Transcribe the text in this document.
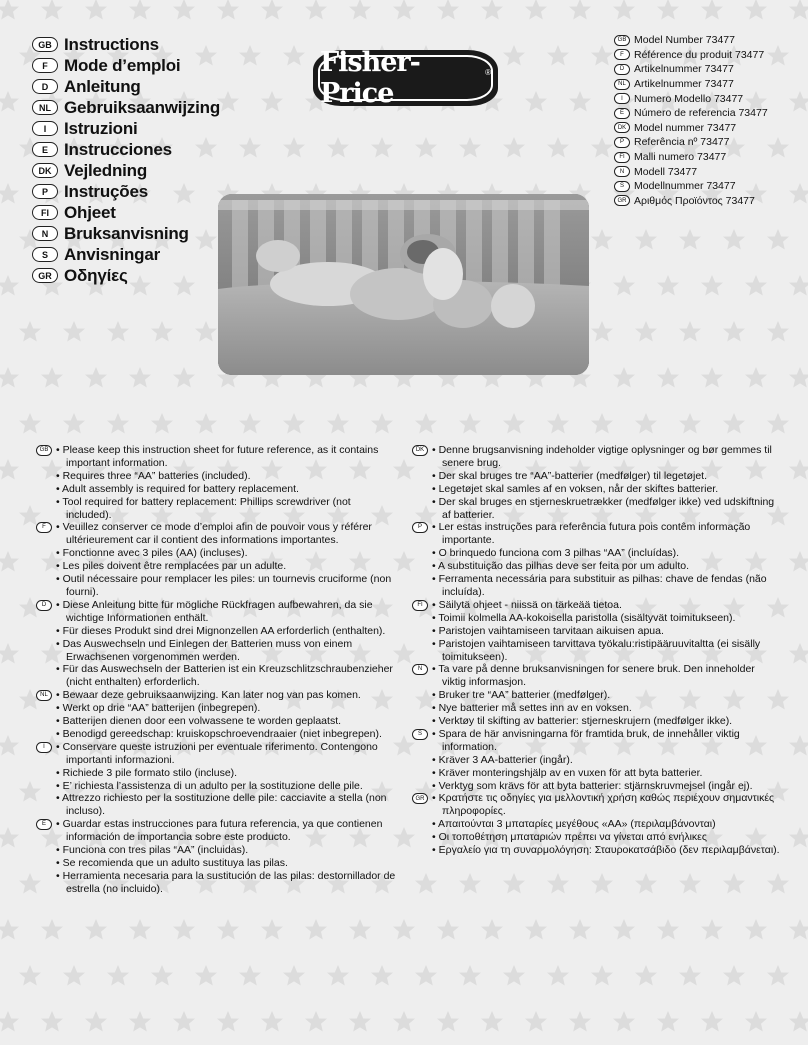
GB Instructions
F Mode d’emploi
D Anleitung
NL Gebruiksaanwijzing
I	Istruzioni
E Instrucciones
DK Vejledning
P Instruções
FI Ohjeet
N Bruksanvisning
S Anvisningar
GR Οδηγίες
Fisher-Price
®
GB Model Number 73477
F Référence du produit 73477
D Artikelnummer 73477
NL Artikelnummer 73477
I	Numero Modello 73477
E Número de referencia 73477
DK Model nummer 73477
P Referência nº 73477
FI Malli numero 73477
N Modell 73477
S Modellnummer 73477
GR Αριθμός Προϊόντος 73477
GB	• Please keep this instruction sheet for future reference, as it contains important information.
• Requires three “AA” batteries (included).
• Adult assembly is required for battery replacement.
• Tool required for battery replacement: Phillips screwdriver (not included).
F	• Veuillez conserver ce mode d’emploi afin de pouvoir vous y référer ultérieurement car il contient des informations importantes.
• Fonctionne avec 3 piles (AA) (incluses).
• Les piles doivent être remplacées par un adulte.
• Outil nécessaire pour remplacer les piles: un tournevis cruciforme (non fourni).
D	• Diese Anleitung bitte für mögliche Rückfragen aufbewahren, da sie wichtige Informationen enthält.
• Für dieses Produkt sind drei Mignonzellen AA erforderlich (enthalten).
• Das Auswechseln und Einlegen der Batterien muss von einem Erwachsenen vorgenommen werden.
• Für das Auswechseln der Batterien ist ein Kreuzschlitzschraubenzieher (nicht enthalten) erforderlich.
NL	• Bewaar deze gebruiksaanwijzing. Kan later nog van pas komen.
• Werkt op drie “AA” batterijen (inbegrepen).
• Batterijen dienen door een volwassene te worden geplaatst.
• Benodigd gereedschap: kruiskopschroevendraaier (niet inbegrepen).
I	• Conservare queste istruzioni per eventuale riferimento. Contengono importanti informazioni.
• Richiede 3 pile formato stilo (incluse).
• E’ richiesta l’assistenza di un adulto per la sostituzione delle pile.
• Attrezzo richiesto per la sostituzione delle pile: cacciavite a stella (non incluso).
E	• Guardar estas instrucciones para futura referencia, ya que contienen información de importancia sobre este producto.
• Funciona con tres pilas “AA” (incluidas).
• Se recomienda que un adulto sustituya las pilas.
• Herramienta necesaria para la sustitución de las pilas: destornillador de estrella (no incluido).
DK	• Denne brugsanvisning indeholder vigtige oplysninger og bør gemmes til senere brug.
• Der skal bruges tre “AA”-batterier (medfølger) til legetøjet.
• Legetøjet skal samles af en voksen, når der skiftes batterier.
• Der skal bruges en stjerneskruetrækker (medfølger ikke) ved udskiftning af batterier.
P	• Ler estas instruções para referência futura pois contêm informação importante.
• O brinquedo funciona com 3 pilhas “AA” (incluídas).
• A substituição das pilhas deve ser feita por um adulto.
• Ferramenta necessária para substituir as pilhas: chave de fendas (não incluída).
FI	• Säilytä ohjeet - niissä on tärkeää tietoa.
• Toimii kolmella AA-kokoisella paristolla (sisältyvät toimitukseen).
• Paristojen vaihtamiseen tarvitaan aikuisen apua.
• Paristojen vaihtamiseen tarvittava työkalu:ristipääruuvitaltta (ei sisälly toimitukseen).
N	• Ta vare på denne bruksanvisningen for senere bruk. Den inneholder viktig informasjon.
• Bruker tre “AA” batterier (medfølger).
• Nye batterier må settes inn av en voksen.
• Verktøy til skifting av batterier: stjerneskrujern (medfølger ikke).
S	• Spara de här anvisningarna för framtida bruk, de innehåller viktig information.
• Kräver 3 AA-batterier (ingår).
• Kräver monteringshjälp av en vuxen för att byta batterier.
• Verktyg som krävs för att byta batterier: stjärnskruvmejsel (ingår ej).
GR	• Κρατήστε τις οδηγίες για μελλοντική χρήση καθώς περιέχουν σημαντικές πληροφορίες.
• Απαιτούνται 3 μπαταρίες μεγέθους «AA» (περιλαμβάνονται)
• Οι τοποθέτηση μπαταριών πρέπει να γίνεται από ενήλικες
• Εργαλείο για τη συναρμολόγηση: Σταυροκατσάβιδο (δεν περιλαμβάνεται).
